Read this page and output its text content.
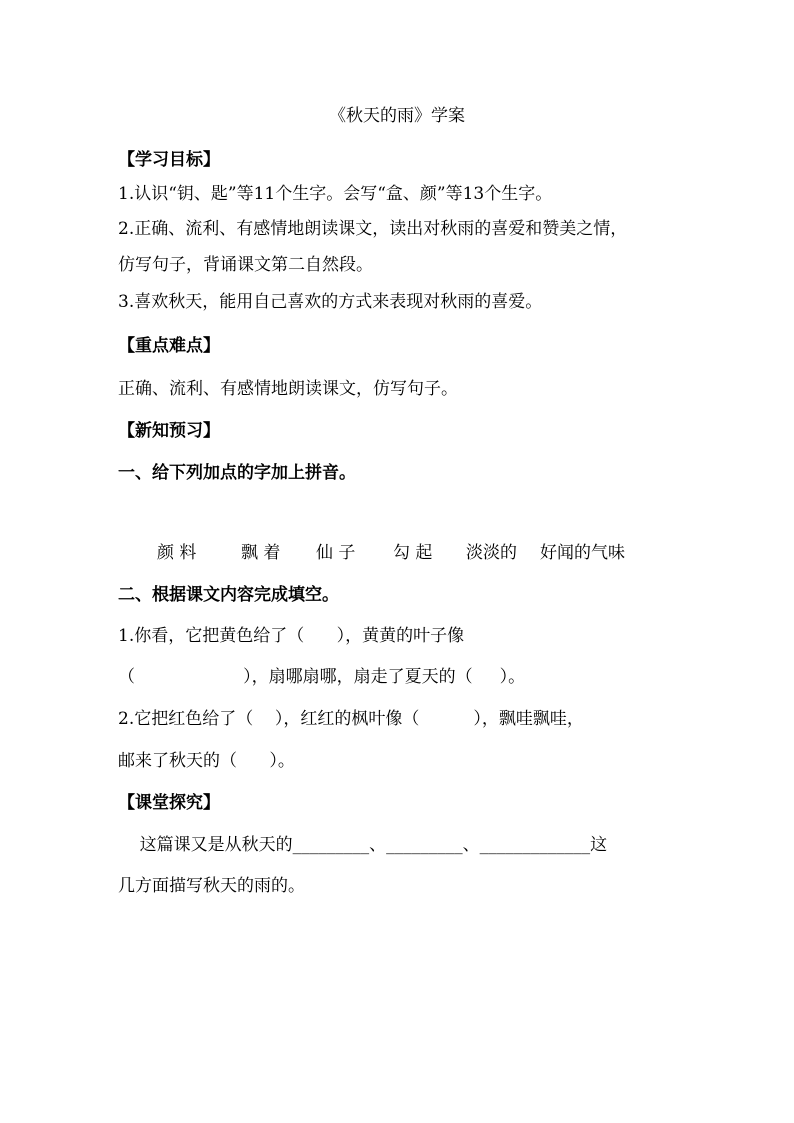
《秋天的雨》学案
【学习目标】
1.认识“钥、匙”等11个生字。会写“盒、颜”等13个生字。
2.正确、流利、有感情地朗读课文，读出对秋雨的喜爱和赞美之情，
仿写句子，背诵课文第二自然段。
3.喜欢秋天，能用自己喜欢的方式来表现对秋雨的喜爱。
【重点难点】
正确、流利、有感情地朗读课文，仿写句子。
【新知预习】
一、给下列加点的字加上拼音。
颜 料	飘 着 仙 子 勾 起 淡淡的 好闻的气味
二、根据课文内容完成填空。
1.你看，它把黄色给了（      ），黄黄的叶子像
（                    ），扇哪扇哪，扇走了夏天的（     ）。
2.它把红色给了（    ），红红的枫叶像（          ），飘哇飘哇，
邮来了秋天的（      ）。
【课堂探究】
这篇课又是从秋天的_________、_________、_____________这
几方面描写秋天的雨的。
